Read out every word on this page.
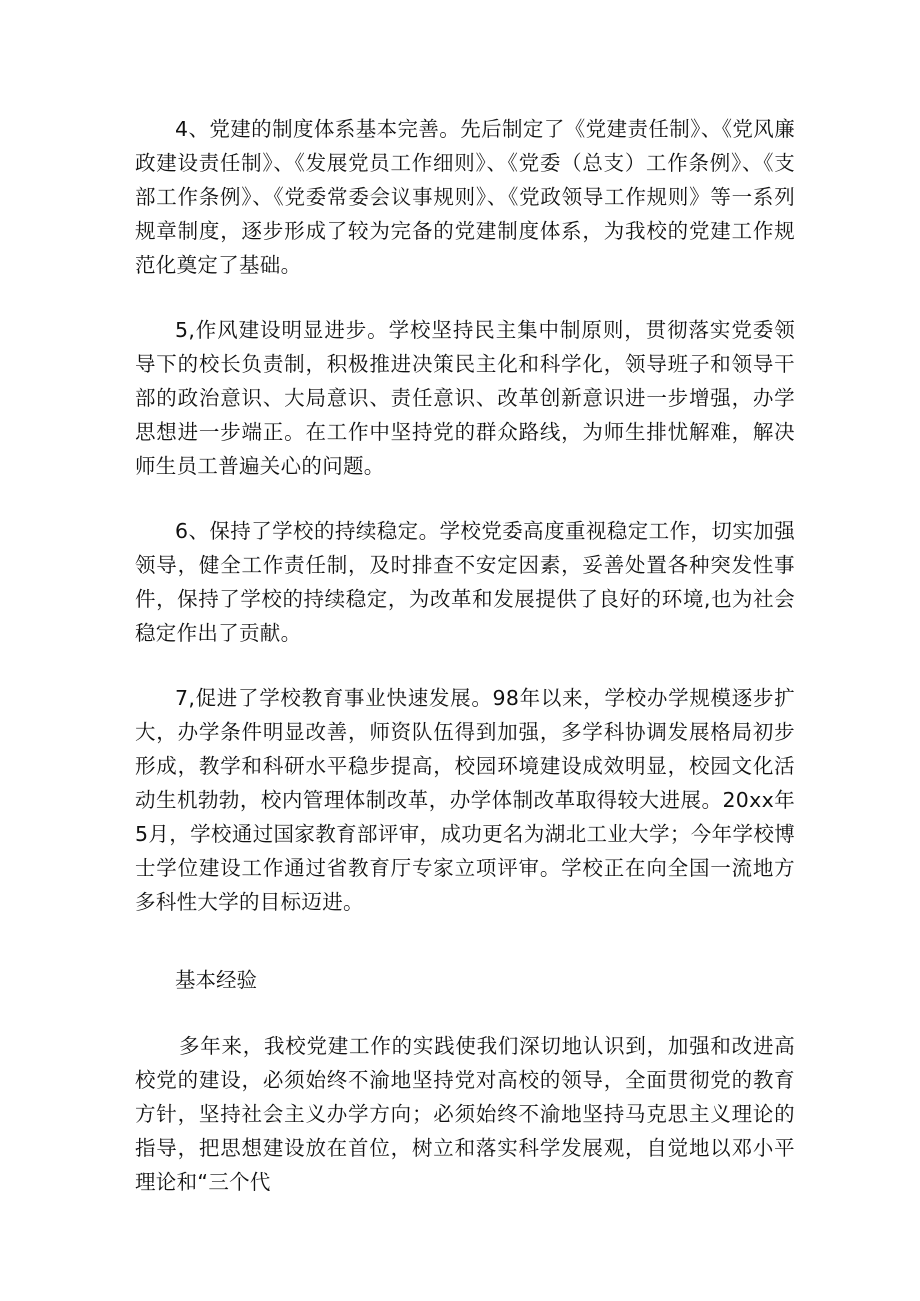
4、党建的制度体系基本完善。先后制定了《党建责任制》、《党风廉政建设责任制》、《发展党员工作细则》、《党委（总支）工作条例》、《支部工作条例》、《党委常委会议事规则》、《党政领导工作规则》等一系列规章制度，逐步形成了较为完备的党建制度体系，为我校的党建工作规范化奠定了基础。

5,作风建设明显进步。学校坚持民主集中制原则，贯彻落实党委领导下的校长负责制，积极推进决策民主化和科学化，领导班子和领导干部的政治意识、大局意识、责任意识、改革创新意识进一步增强，办学思想进一步端正。在工作中坚持党的群众路线，为师生排忧解难，解决师生员工普遍关心的问题。

6、保持了学校的持续稳定。学校党委高度重视稳定工作，切实加强领导，健全工作责任制，及时排查不安定因素，妥善处置各种突发性事件，保持了学校的持续稳定，为改革和发展提供了良好的环境,也为社会稳定作出了贡献。

7,促进了学校教育事业快速发展。98年以来，学校办学规模逐步扩大，办学条件明显改善，师资队伍得到加强，多学科协调发展格局初步形成，教学和科研水平稳步提高，校园环境建设成效明显，校园文化活动生机勃勃，校内管理体制改革，办学体制改革取得较大进展。20xx年5月，学校通过国家教育部评审，成功更名为湖北工业大学；今年学校博士学位建设工作通过省教育厅专家立项评审。学校正在向全国一流地方多科性大学的目标迈进。

基本经验

多年来，我校党建工作的实践使我们深切地认识到，加强和改进高校党的建设，必须始终不渝地坚持党对高校的领导，全面贯彻党的教育方针，坚持社会主义办学方向；必须始终不渝地坚持马克思主义理论的指导，把思想建设放在首位，树立和落实科学发展观，自觉地以邓小平理论和“三个代
